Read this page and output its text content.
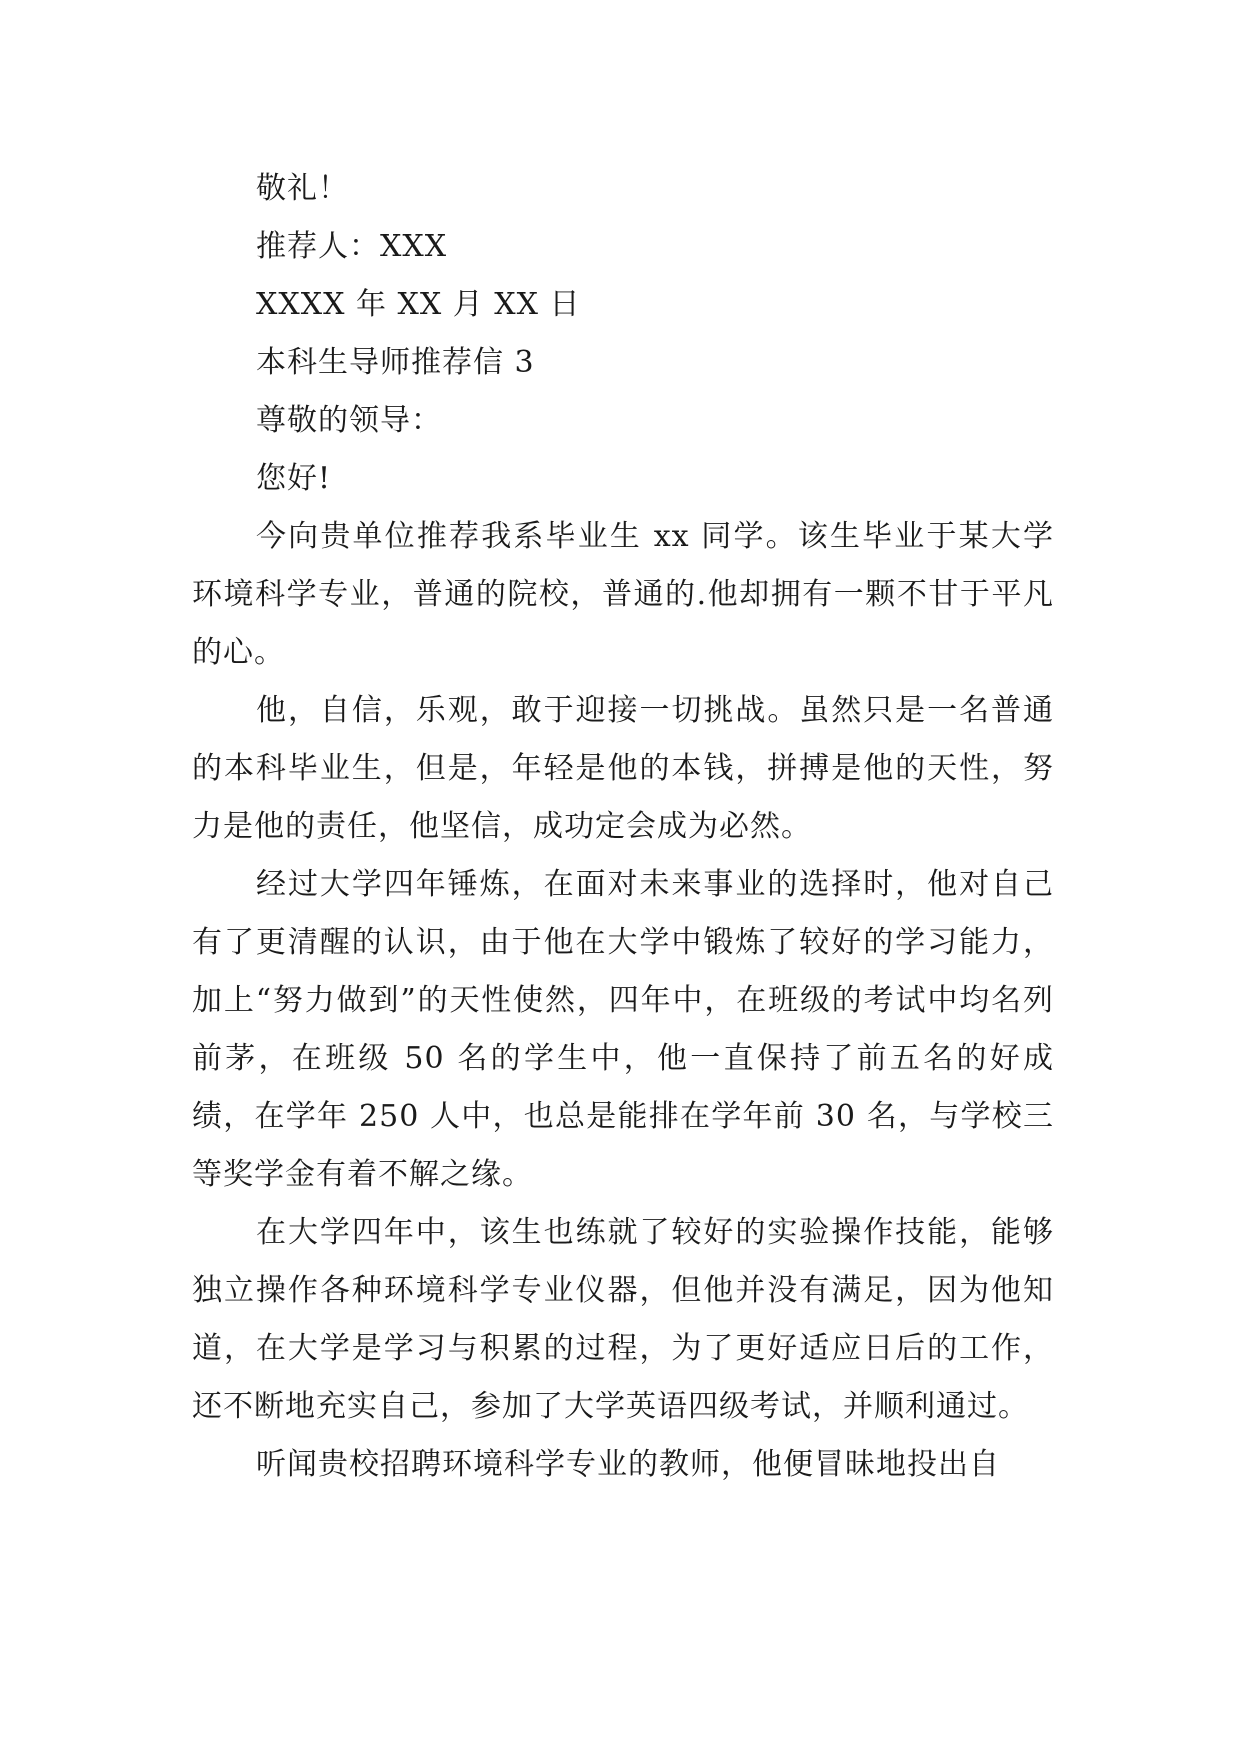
敬礼！
推荐人：XXX
XXXX 年 XX 月 XX 日
本科生导师推荐信 3
尊敬的领导：
您好!

今向贵单位推荐我系毕业生 xx 同学。该生毕业于某大学环境科学专业，普通的院校，普通的.他却拥有一颗不甘于平凡的心。

他，自信，乐观，敢于迎接一切挑战。虽然只是一名普通的本科毕业生，但是，年轻是他的本钱，拼搏是他的天性，努力是他的责任，他坚信，成功定会成为必然。

经过大学四年锤炼，在面对未来事业的选择时，他对自己有了更清醒的认识，由于他在大学中锻炼了较好的学习能力，加上“努力做到”的天性使然，四年中，在班级的考试中均名列前茅，在班级 50 名的学生中，他一直保持了前五名的好成绩，在学年 250 人中，也总是能排在学年前 30 名，与学校三等奖学金有着不解之缘。

在大学四年中，该生也练就了较好的实验操作技能，能够独立操作各种环境科学专业仪器，但他并没有满足，因为他知道，在大学是学习与积累的过程，为了更好适应日后的工作，还不断地充实自己，参加了大学英语四级考试，并顺利通过。

听闻贵校招聘环境科学专业的教师，他便冒昧地投出自
